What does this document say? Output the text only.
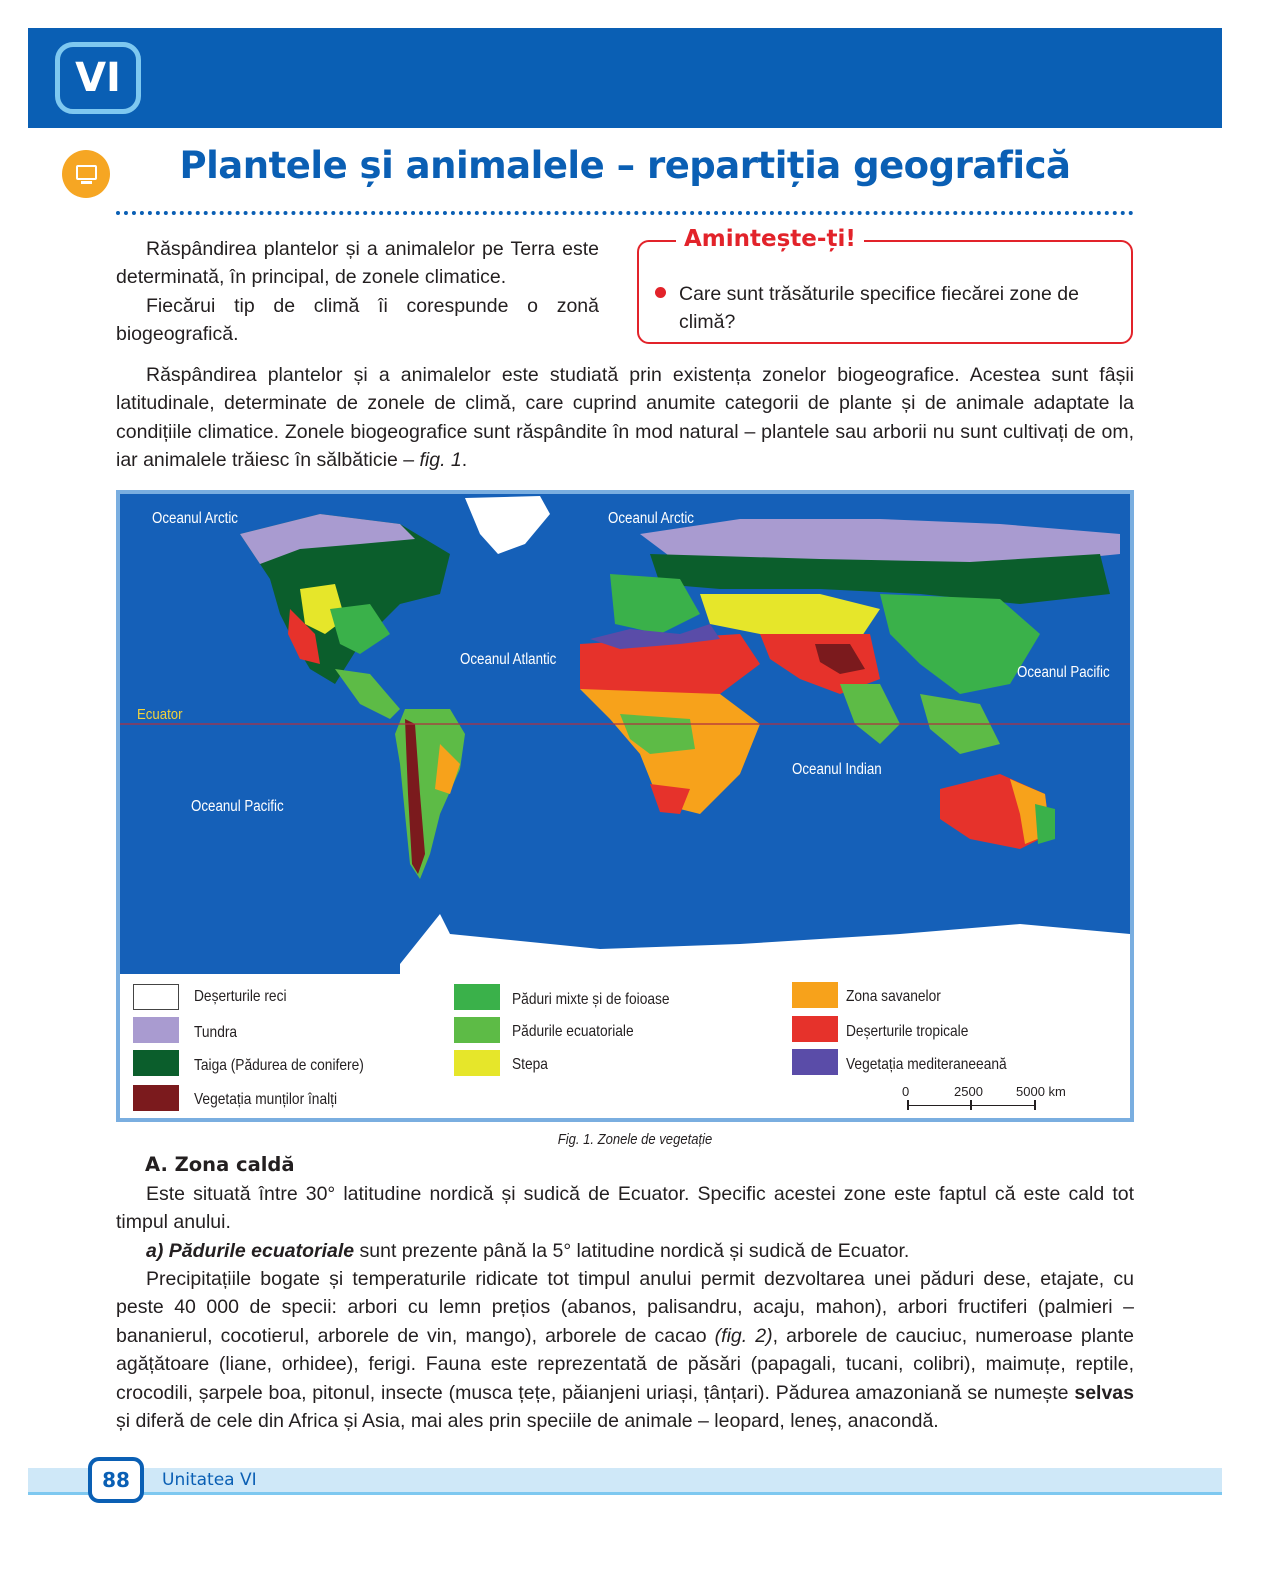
VI
Plantele și animalele – repartiția geografică
Răspândirea plantelor și a animalelor pe Terra este determinată, în principal, de zonele climatice.
Fiecărui tip de climă îi corespunde o zonă biogeografică.
Amintește-ți!
Care sunt trăsăturile specifice fiecărei zone de climă?
Răspândirea plantelor și a animalelor este studiată prin existența zonelor biogeografice. Acestea sunt fâșii latitudinale, determinate de zonele de climă, care cuprind anumite categorii de plante și de animale adaptate la condițiile climatice. Zonele biogeografice sunt răspândite în mod natural – plantele sau arborii nu sunt cultivați de om, iar animalele trăiesc în sălbăticie – fig. 1.
Oceanul Arctic	Oceanul Arctic
Oceanul Atlantic
Oceanul Pacific
Oceanul Pacific
Oceanul Indian
Ecuator
Deșerturile reci
Tundra
Taiga (Pădurea de conifere)
Vegetația munților înalți
Păduri mixte și de foioase
Pădurile ecuatoriale
Stepa
Zona savanelor
Deșerturile tropicale
Vegetația mediteraneeană
0	2500	5000 km
Fig. 1. Zonele de vegetație
A. Zona caldă
Este situată între 30° latitudine nordică și sudică de Ecuator. Specific acestei zone este faptul că este cald tot timpul anului.
a) Pădurile ecuatoriale sunt prezente până la 5° latitudine nordică și sudică de Ecuator.
Precipitațiile bogate și temperaturile ridicate tot timpul anului permit dezvoltarea unei păduri dese, etajate, cu peste 40 000 de specii: arbori cu lemn prețios (abanos, palisandru, acaju, mahon), arbori fructiferi (palmieri – bananierul, cocotierul, arborele de vin, mango), arborele de cacao (fig. 2), arborele de cauciuc, numeroase plante agățătoare (liane, orhidee), ferigi. Fauna este reprezentată de păsări (papagali, tucani, colibri), maimuțe, reptile, crocodili, șarpele boa, pitonul, insecte (musca țețe, păianjeni uriași, țânțari). Pădurea amazoniană se numește selvas și diferă de cele din Africa și Asia, mai ales prin speciile de animale – leopard, leneș, anacondă.
88	Unitatea VI
